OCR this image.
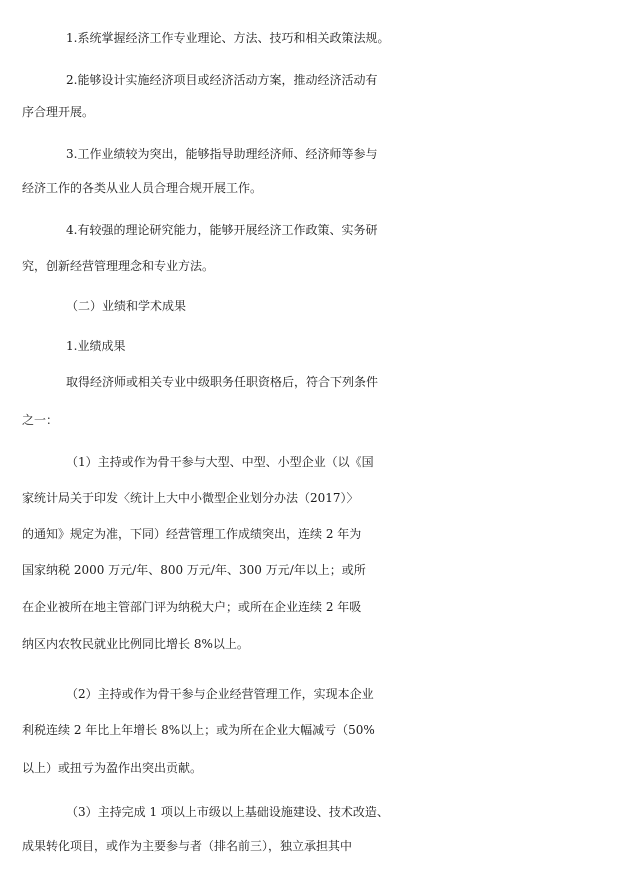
1.系统掌握经济工作专业理论、方法、技巧和相关政策法规。
2.能够设计实施经济项目或经济活动方案，推动经济活动有
序合理开展。
3.工作业绩较为突出，能够指导助理经济师、经济师等参与
经济工作的各类从业人员合理合规开展工作。
4.有较强的理论研究能力，能够开展经济工作政策、实务研
究，创新经营管理理念和专业方法。
（二）业绩和学术成果
1.业绩成果
取得经济师或相关专业中级职务任职资格后，符合下列条件
之一：
（1）主持或作为骨干参与大型、中型、小型企业（以《国
家统计局关于印发〈统计上大中小微型企业划分办法（2017）〉
的通知》规定为准，下同）经营管理工作成绩突出，连续 2 年为
国家纳税 2000 万元/年、800 万元/年、300 万元/年以上；或所
在企业被所在地主管部门评为纳税大户；或所在企业连续 2 年吸
纳区内农牧民就业比例同比增长 8%以上。
（2）主持或作为骨干参与企业经营管理工作，实现本企业
利税连续 2 年比上年增长 8%以上；或为所在企业大幅减亏（50%
以上）或扭亏为盈作出突出贡献。
（3）主持完成 1 项以上市级以上基础设施建设、技术改造、
成果转化项目，或作为主要参与者（排名前三），独立承担其中
